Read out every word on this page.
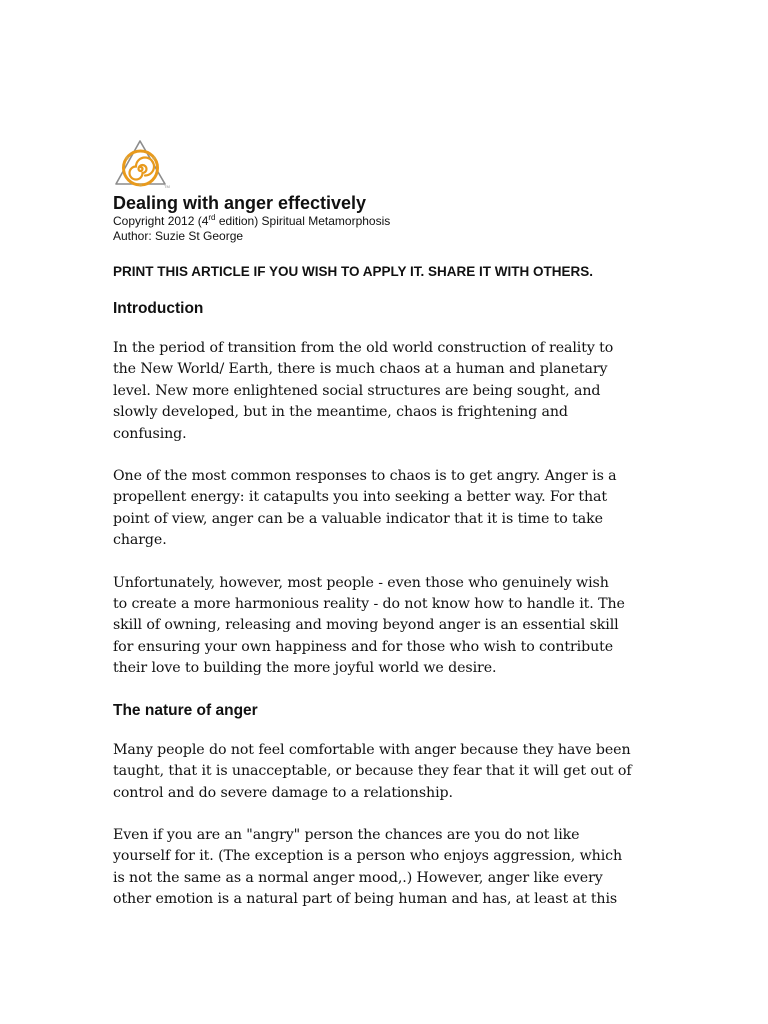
TM
Dealing with anger effectively
Copyright 2012 (4rd edition) Spiritual Metamorphosis
Author: Suzie St George
PRINT THIS ARTICLE IF YOU WISH TO APPLY IT. SHARE IT WITH OTHERS.
Introduction

In the period of transition from the old world construction of reality to
the New World/ Earth, there is much chaos at a human and planetary
level. New more enlightened social structures are being sought, and
slowly developed, but in the meantime, chaos is frightening and
confusing.

One of the most common responses to chaos is to get angry. Anger is a
propellent energy: it catapults you into seeking a better way. For that
point of view, anger can be a valuable indicator that it is time to take
charge.

Unfortunately, however, most people - even those who genuinely wish
to create a more harmonious reality - do not know how to handle it. The
skill of owning, releasing and moving beyond anger is an essential skill
for ensuring your own happiness and for those who wish to contribute
their love to building the more joyful world we desire.

The nature of anger

Many people do not feel comfortable with anger because they have been
taught, that it is unacceptable, or because they fear that it will get out of
control and do severe damage to a relationship.

Even if you are an "angry" person the chances are you do not like
yourself for it. (The exception is a person who enjoys aggression, which
is not the same as a normal anger mood,.) However, anger like every
other emotion is a natural part of being human and has, at least at this
